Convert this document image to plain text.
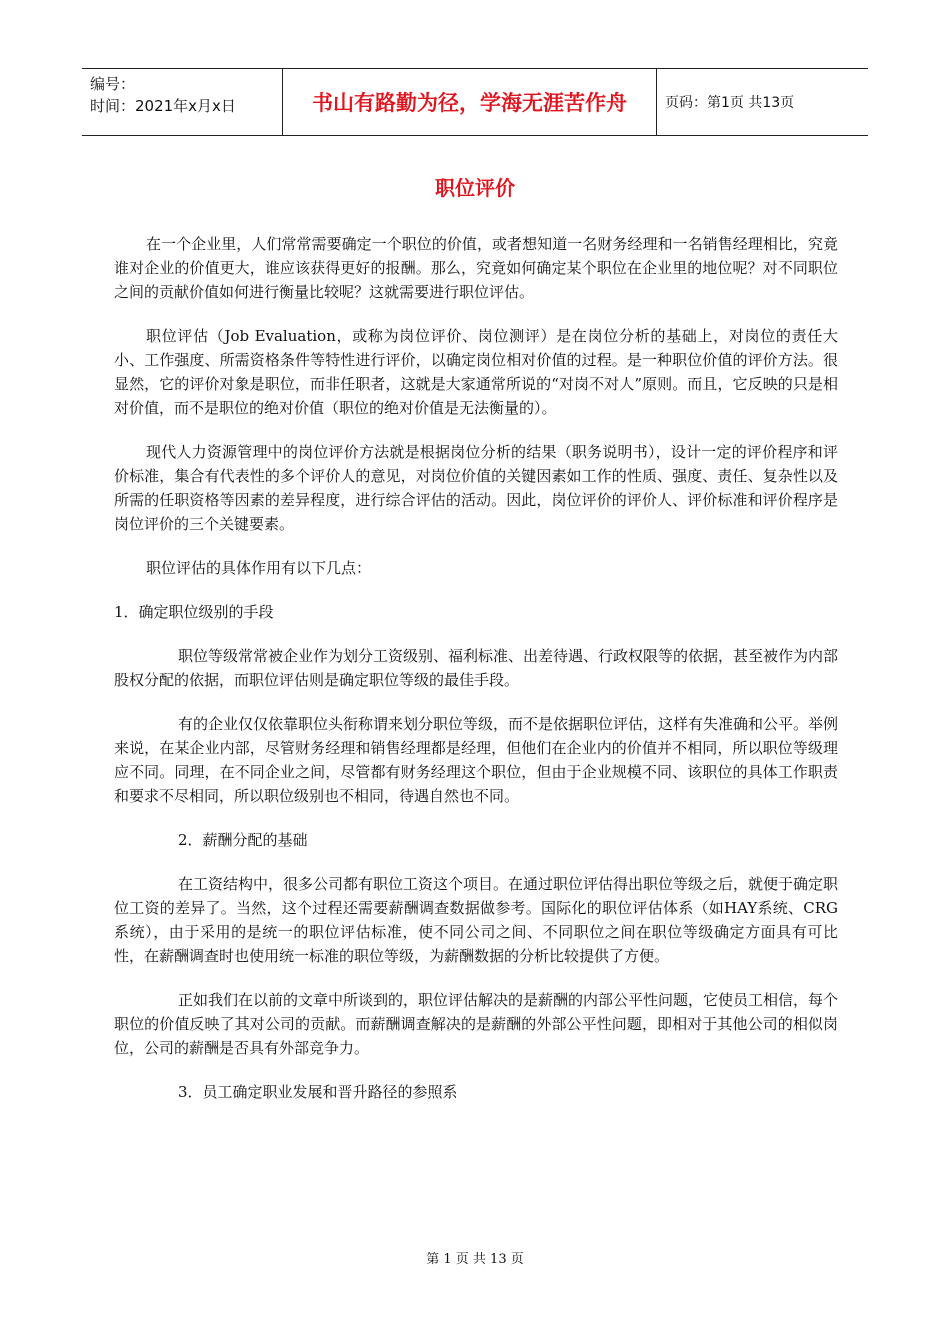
编号：
时间：2021年x月x日	书山有路勤为径，学海无涯苦作舟	页码：第1页 共13页
职位评价

在一个企业里，人们常常需要确定一个职位的价值，或者想知道一名财务经理和一名销售经理相比，究竟谁对企业的价值更大，谁应该获得更好的报酬。那么，究竟如何确定某个职位在企业里的地位呢？对不同职位之间的贡献价值如何进行衡量比较呢？这就需要进行职位评估。

职位评估（Job Evaluation，或称为岗位评价、岗位测评）是在岗位分析的基础上，对岗位的责任大小、工作强度、所需资格条件等特性进行评价，以确定岗位相对价值的过程。是一种职位价值的评价方法。很显然，它的评价对象是职位，而非任职者，这就是大家通常所说的“对岗不对人”原则。而且，它反映的只是相对价值，而不是职位的绝对价值（职位的绝对价值是无法衡量的）。

现代人力资源管理中的岗位评价方法就是根据岗位分析的结果（职务说明书），设计一定的评价程序和评价标准，集合有代表性的多个评价人的意见，对岗位价值的关键因素如工作的性质、强度、责任、复杂性以及所需的任职资格等因素的差异程度，进行综合评估的活动。因此，岗位评价的评价人、评价标准和评价程序是岗位评价的三个关键要素。

职位评估的具体作用有以下几点：

1．确定职位级别的手段

职位等级常常被企业作为划分工资级别、福利标准、出差待遇、行政权限等的依据，甚至被作为内部股权分配的依据，而职位评估则是确定职位等级的最佳手段。

有的企业仅仅依靠职位头衔称谓来划分职位等级，而不是依据职位评估，这样有失准确和公平。举例来说，在某企业内部，尽管财务经理和销售经理都是经理，但他们在企业内的价值并不相同，所以职位等级理应不同。同理，在不同企业之间，尽管都有财务经理这个职位，但由于企业规模不同、该职位的具体工作职责和要求不尽相同，所以职位级别也不相同，待遇自然也不同。

2．薪酬分配的基础

在工资结构中，很多公司都有职位工资这个项目。在通过职位评估得出职位等级之后，就便于确定职位工资的差异了。当然，这个过程还需要薪酬调查数据做参考。国际化的职位评估体系（如HAY系统、CRG系统），由于采用的是统一的职位评估标准，使不同公司之间、不同职位之间在职位等级确定方面具有可比性，在薪酬调查时也使用统一标准的职位等级，为薪酬数据的分析比较提供了方便。

正如我们在以前的文章中所谈到的，职位评估解决的是薪酬的内部公平性问题，它使员工相信，每个职位的价值反映了其对公司的贡献。而薪酬调查解决的是薪酬的外部公平性问题，即相对于其他公司的相似岗位，公司的薪酬是否具有外部竞争力。

3．员工确定职业发展和晋升路径的参照系

第 1 页 共 13 页
